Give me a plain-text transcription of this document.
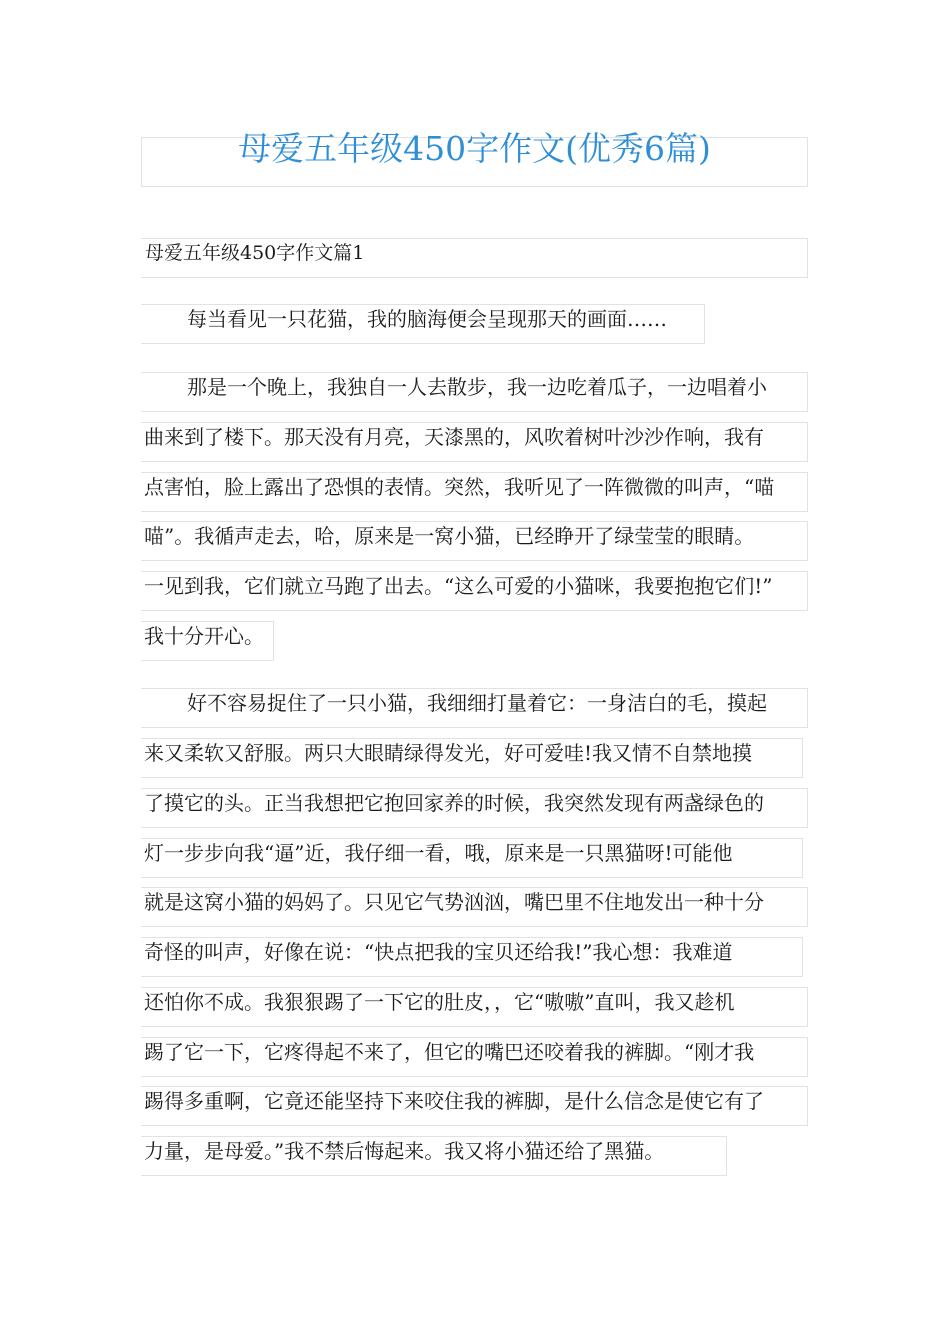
母爱五年级450字作文(优秀6篇)
母爱五年级450字作文篇1
每当看见一只花猫，我的脑海便会呈现那天的画面……
那是一个晚上，我独自一人去散步，我一边吃着瓜子，一边唱着小
曲来到了楼下。那天没有月亮，天漆黑的，风吹着树叶沙沙作响，我有
点害怕，脸上露出了恐惧的表情。突然，我听见了一阵微微的叫声，“喵
喵”。我循声走去，哈，原来是一窝小猫，已经睁开了绿莹莹的眼睛。
一见到我，它们就立马跑了出去。“这么可爱的小猫咪，我要抱抱它们!”
我十分开心。
好不容易捉住了一只小猫，我细细打量着它：一身洁白的毛，摸起
来又柔软又舒服。两只大眼睛绿得发光，好可爱哇!我又情不自禁地摸
了摸它的头。正当我想把它抱回家养的时候，我突然发现有两盏绿色的
灯一步步向我“逼”近，我仔细一看，哦，原来是一只黑猫呀!可能他
就是这窝小猫的妈妈了。只见它气势汹汹，嘴巴里不住地发出一种十分
奇怪的叫声，好像在说：“快点把我的宝贝还给我!”我心想：我难道
还怕你不成。我狠狠踢了一下它的肚皮，，它“嗷嗷”直叫，我又趁机
踢了它一下，它疼得起不来了，但它的嘴巴还咬着我的裤脚。“刚才我
踢得多重啊，它竟还能坚持下来咬住我的裤脚，是什么信念是使它有了
力量，是母爱。”我不禁后悔起来。我又将小猫还给了黑猫。
